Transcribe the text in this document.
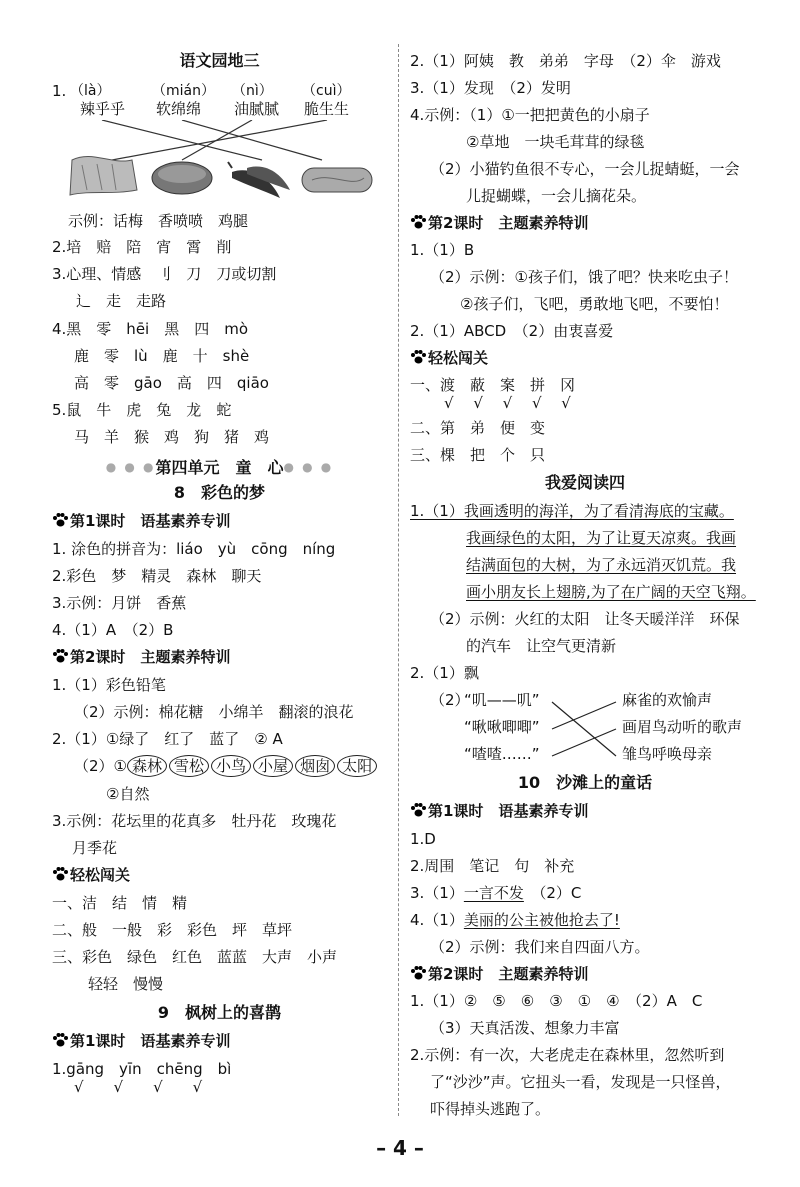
语文园地三
1. （là）	（mián） （nì） （cuì）
辣乎乎 软绵绵 油腻腻 脆生生
示例：话梅　香喷喷　鸡腿
2.培　赔　陪　宵　霄　削
3.心理、情感　刂　刀　刀或切割
辶　走　走路
4.黑　零　hēi　黑　四　mò
鹿　零　lù　鹿　十　shè
高　零　gāo　高　四　qiāo
5.鼠　牛　虎　兔　龙　蛇
马　羊　猴　鸡　狗　猪　鸡
● ● ●第四单元　童　心● ● ●
8　彩色的梦
第1课时　语基素养专训
1. 涂色的拼音为：liáo　yù　cōng　níng
2.彩色　梦　精灵　森林　聊天
3.示例：月饼　香蕉
4.（1）A　（2）B
第2课时　主题素养特训
1.（1）彩色铅笔
（2）示例：棉花糖　小绵羊　翻滚的浪花
2.（1）①绿了　红了　蓝了　② A
（2）① 森林 雪松 小鸟 小屋 烟囱 太阳
②自然
3.示例：花坛里的花真多　牡丹花　玫瑰花
月季花
轻松闯关
一、洁　结　情　精
二、般　一般　彩　彩色　坪　草坪
三、彩色　绿色　红色　蓝蓝　大声　小声
轻轻　慢慢
9　枫树上的喜鹊
第1课时　语基素养专训
1.gāng　yīn　chēng　bì
√　　√　　√　　√
2.（1）阿姨　教　弟弟　字母　（2）伞　游戏
3.（1）发现　（2）发明
4.示例：（1）①一把把黄色的小扇子
②草地　一块毛茸茸的绿毯
（2）小猫钓鱼很不专心，一会儿捉蜻蜓，一会
儿捉蝴蝶，一会儿摘花朵。
第2课时　主题素养特训
1.（1）B
（2）示例：①孩子们，饿了吧？快来吃虫子！
②孩子们，飞吧，勇敢地飞吧，不要怕！
2.（1）ABCD　（2）由衷喜爱
轻松闯关
一、渡　蔽　案　拼　冈
√　 √　 √　 √　 √
二、第　弟　便　变
三、棵　把　个　只
我爱阅读四
1.（1）我画透明的海洋，为了看清海底的宝藏。
我画绿色的太阳，为了让夏天凉爽。我画
结满面包的大树，为了永远消灭饥荒。我
画小朋友长上翅膀,为了在广阔的天空飞翔。
（2）示例：火红的太阳　让冬天暖洋洋　环保
的汽车　让空气更清新
2.（1）飘
（2）
“叽——叽”
“啾啾唧唧”
“喳喳……”
麻雀的欢愉声
画眉鸟动听的歌声
雏鸟呼唤母亲
10　沙滩上的童话
第1课时　语基素养专训
1.D
2.周围　笔记　句　补充
3.（1）一言不发　（2）C
4.（1）美丽的公主被他抢去了!
（2）示例：我们来自四面八方。
第2课时　主题素养特训
1.（1）②　⑤　⑥　③　①　④　（2）A　C
（3）天真活泼、想象力丰富
2.示例：有一次，大老虎走在森林里，忽然听到
了“沙沙”声。它扭头一看，发现是一只怪兽，
吓得掉头逃跑了。
– 4 –
